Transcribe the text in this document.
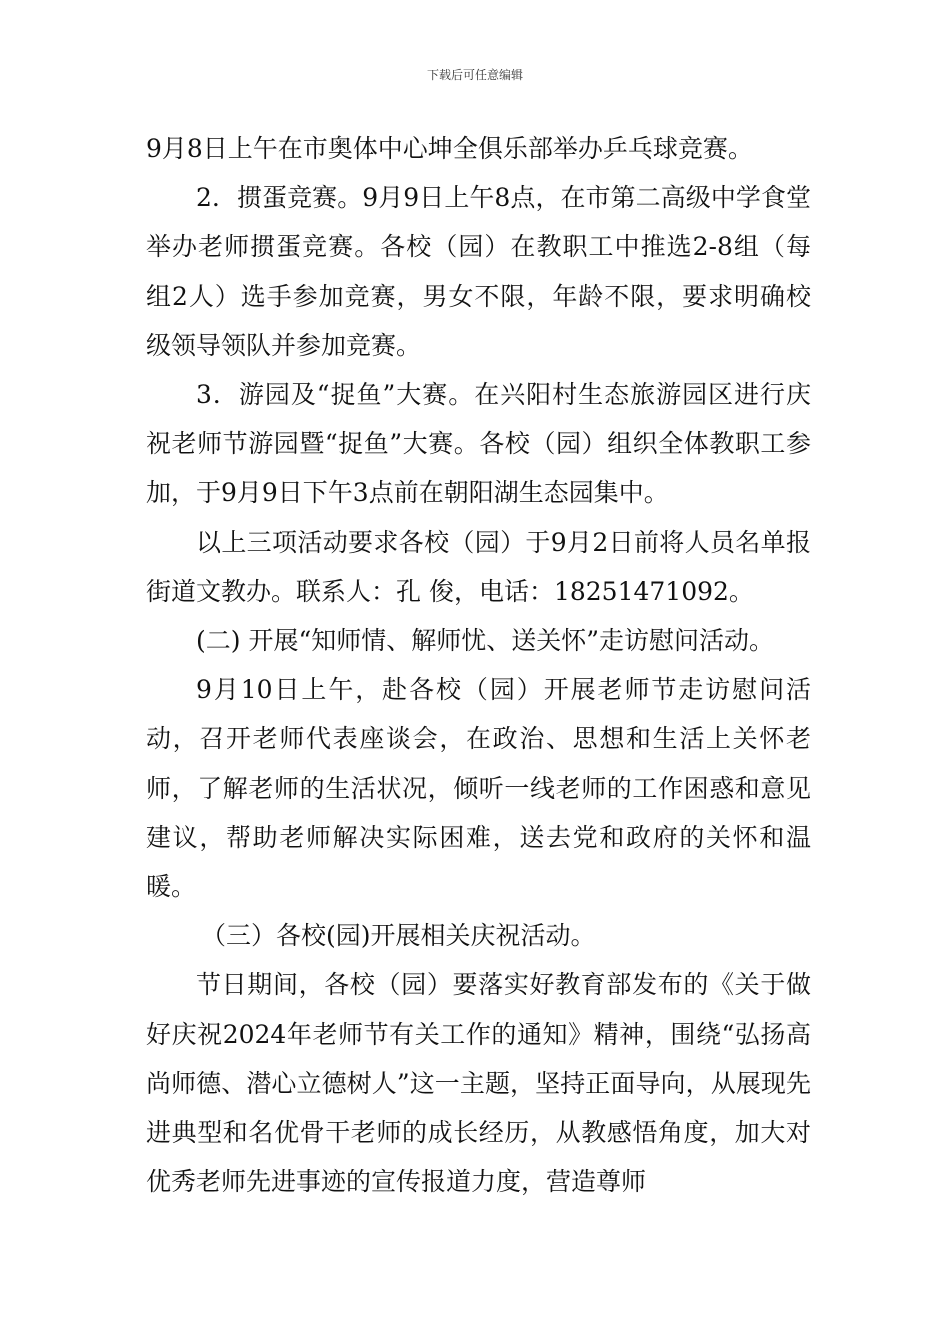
下载后可任意编辑

9月8日上午在市奥体中心坤全俱乐部举办乒乓球竞赛。

2．掼蛋竞赛。9月9日上午8点，在市第二高级中学食堂举办老师掼蛋竞赛。各校（园）在教职工中推选2-8组（每组2人）选手参加竞赛，男女不限，年龄不限，要求明确校级领导领队并参加竞赛。

3．游园及“捉鱼”大赛。在兴阳村生态旅游园区进行庆祝老师节游园暨“捉鱼”大赛。各校（园）组织全体教职工参加，于9月9日下午3点前在朝阳湖生态园集中。

以上三项活动要求各校（园）于9月2日前将人员名单报街道文教办。联系人：孔 俊，电话：18251471092。

(二) 开展“知师情、解师忧、送关怀”走访慰问活动。

9月10日上午，赴各校（园）开展老师节走访慰问活动，召开老师代表座谈会，在政治、思想和生活上关怀老师，了解老师的生活状况，倾听一线老师的工作困惑和意见建议，帮助老师解决实际困难，送去党和政府的关怀和温暖。

（三）各校(园)开展相关庆祝活动。

节日期间，各校（园）要落实好教育部发布的《关于做好庆祝2024年老师节有关工作的通知》精神，围绕“弘扬高尚师德、潜心立德树人”这一主题，坚持正面导向，从展现先进典型和名优骨干老师的成长经历，从教感悟角度，加大对优秀老师先进事迹的宣传报道力度，营造尊师
